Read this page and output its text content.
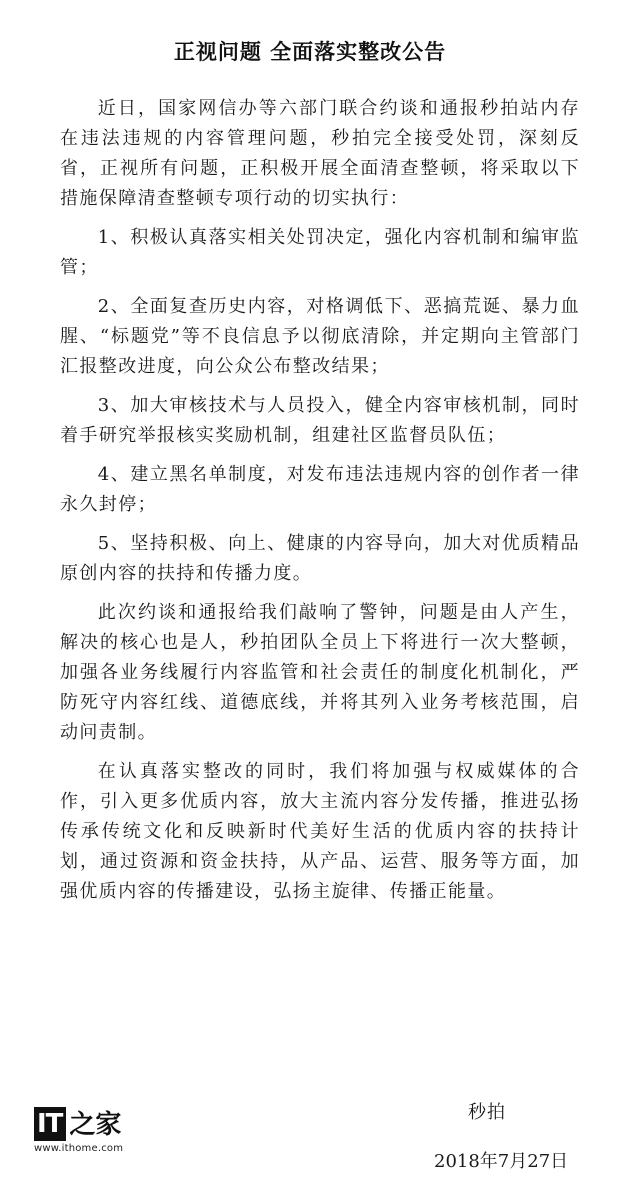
正视问题 全面落实整改公告

近日，国家网信办等六部门联合约谈和通报秒拍站内存在违法违规的内容管理问题，秒拍完全接受处罚，深刻反省，正视所有问题，正积极开展全面清查整顿，将采取以下措施保障清查整顿专项行动的切实执行：

1、积极认真落实相关处罚决定，强化内容机制和编审监管；

2、全面复查历史内容，对格调低下、恶搞荒诞、暴力血腥、“标题党”等不良信息予以彻底清除，并定期向主管部门汇报整改进度，向公众公布整改结果；

3、加大审核技术与人员投入，健全内容审核机制，同时着手研究举报核实奖励机制，组建社区监督员队伍；

4、建立黑名单制度，对发布违法违规内容的创作者一律永久封停；

5、坚持积极、向上、健康的内容导向，加大对优质精品原创内容的扶持和传播力度。

此次约谈和通报给我们敲响了警钟，问题是由人产生，解决的核心也是人，秒拍团队全员上下将进行一次大整顿，加强各业务线履行内容监管和社会责任的制度化机制化，严防死守内容红线、道德底线，并将其列入业务考核范围，启动问责制。

在认真落实整改的同时，我们将加强与权威媒体的合作，引入更多优质内容，放大主流内容分发传播，推进弘扬传承传统文化和反映新时代美好生活的优质内容的扶持计划，通过资源和资金扶持，从产品、运营、服务等方面，加强优质内容的传播建设，弘扬主旋律、传播正能量。

IT 之家
www.ithome.com
秒拍
2018年7月27日
